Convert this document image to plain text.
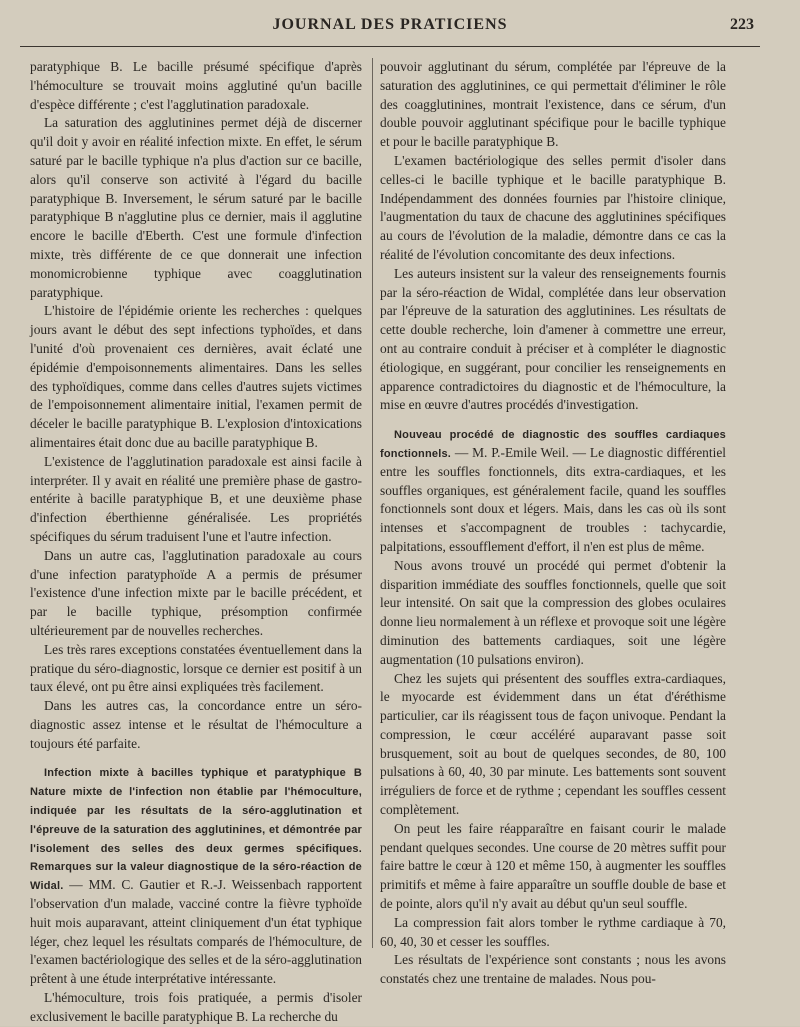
JOURNAL DES PRATICIENS	223

paratyphique B. Le bacille présumé spécifique d'après l'hémoculture se trouvait moins agglutiné qu'un bacille d'espèce différente ; c'est l'agglutination paradoxale.

La saturation des agglutinines permet déjà de discerner qu'il doit y avoir en réalité infection mixte. En effet, le sérum saturé par le bacille typhique n'a plus d'action sur ce bacille, alors qu'il conserve son activité à l'égard du bacille paratyphique B. Inversement, le sérum saturé par le bacille paratyphique B n'agglutine plus ce dernier, mais il agglutine encore le bacille d'Eberth. C'est une formule d'infection mixte, très différente de ce que donnerait une infection monomicrobienne typhique avec coagglutination paratyphique.

L'histoire de l'épidémie oriente les recherches : quelques jours avant le début des sept infections typhoïdes, et dans l'unité d'où provenaient ces dernières, avait éclaté une épidémie d'empoisonnements alimentaires. Dans les selles des typhoïdiques, comme dans celles d'autres sujets victimes de l'empoisonnement alimentaire initial, l'examen permit de déceler le bacille paratyphique B. L'explosion d'intoxications alimentaires était donc due au bacille paratyphique B.

L'existence de l'agglutination paradoxale est ainsi facile à interpréter. Il y avait en réalité une première phase de gastro-entérite à bacille paratyphique B, et une deuxième phase d'infection éberthienne généralisée. Les propriétés spécifiques du sérum traduisent l'une et l'autre infection.

Dans un autre cas, l'agglutination paradoxale au cours d'une infection paratyphoïde A a permis de présumer l'existence d'une infection mixte par le bacille précédent, et par le bacille typhique, présomption confirmée ultérieurement par de nouvelles recherches.

Les très rares exceptions constatées éventuellement dans la pratique du séro-diagnostic, lorsque ce dernier est positif à un taux élevé, ont pu être ainsi expliquées très facilement.

Dans les autres cas, la concordance entre un séro-diagnostic assez intense et le résultat de l'hémoculture a toujours été parfaite.

Infection mixte à bacilles typhique et paratyphique B Nature mixte de l'infection non établie par l'hémoculture, indiquée par les résultats de la séro-agglutination et l'épreuve de la saturation des agglutinines, et démontrée par l'isolement des selles des deux germes spécifiques. Remarques sur la valeur diagnostique de la séro-réaction de Widal. — MM. C. Gautier et R.-J. Weissenbach rapportent l'observation d'un malade, vacciné contre la fièvre typhoïde huit mois auparavant, atteint cliniquement d'un état typhique léger, chez lequel les résultats comparés de l'hémoculture, de l'examen bactériologique des selles et de la séro-agglutination prêtent à une étude interprétative intéressante.

L'hémoculture, trois fois pratiquée, a permis d'isoler exclusivement le bacille paratyphique B. La recherche du

pouvoir agglutinant du sérum, complétée par l'épreuve de la saturation des agglutinines, ce qui permettait d'éliminer le rôle des coagglutinines, montrait l'existence, dans ce sérum, d'un double pouvoir agglutinant spécifique pour le bacille typhique et pour le bacille paratyphique B.

L'examen bactériologique des selles permit d'isoler dans celles-ci le bacille typhique et le bacille paratyphique B. Indépendamment des données fournies par l'histoire clinique, l'augmentation du taux de chacune des agglutinines spécifiques au cours de l'évolution de la maladie, démontre dans ce cas la réalité de l'évolution concomitante des deux infections.

Les auteurs insistent sur la valeur des renseignements fournis par la séro-réaction de Widal, complétée dans leur observation par l'épreuve de la saturation des agglutinines. Les résultats de cette double recherche, loin d'amener à commettre une erreur, ont au contraire conduit à préciser et à compléter le diagnostic étiologique, en suggérant, pour concilier les renseignements en apparence contradictoires du diagnostic et de l'hémoculture, la mise en œuvre d'autres procédés d'investigation.

Nouveau procédé de diagnostic des souffles cardiaques fonctionnels. — M. P.-Emile Weil. — Le diagnostic différentiel entre les souffles fonctionnels, dits extra-cardiaques, et les souffles organiques, est généralement facile, quand les souffles fonctionnels sont doux et légers. Mais, dans les cas où ils sont intenses et s'accompagnent de troubles : tachycardie, palpitations, essoufflement d'effort, il n'en est plus de même.

Nous avons trouvé un procédé qui permet d'obtenir la disparition immédiate des souffles fonctionnels, quelle que soit leur intensité. On sait que la compression des globes oculaires donne lieu normalement à un réflexe et provoque soit une légère diminution des battements cardiaques, soit une légère augmentation (10 pulsations environ).

Chez les sujets qui présentent des souffles extra-cardiaques, le myocarde est évidemment dans un état d'éréthisme particulier, car ils réagissent tous de façon univoque. Pendant la compression, le cœur accéléré auparavant passe soit brusquement, soit au bout de quelques secondes, de 80, 100 pulsations à 60, 40, 30 par minute. Les battements sont souvent irréguliers de force et de rythme ; cependant les souffles cessent complètement.

On peut les faire réapparaître en faisant courir le malade pendant quelques secondes. Une course de 20 mètres suffit pour faire battre le cœur à 120 et même 150, à augmenter les souffles primitifs et même à faire apparaître un souffle double de base et de pointe, alors qu'il n'y avait au début qu'un seul souffle.

La compression fait alors tomber le rythme cardiaque à 70, 60, 40, 30 et cesser les souffles.

Les résultats de l'expérience sont constants ; nous les avons constatés chez une trentaine de malades. Nous pou-
